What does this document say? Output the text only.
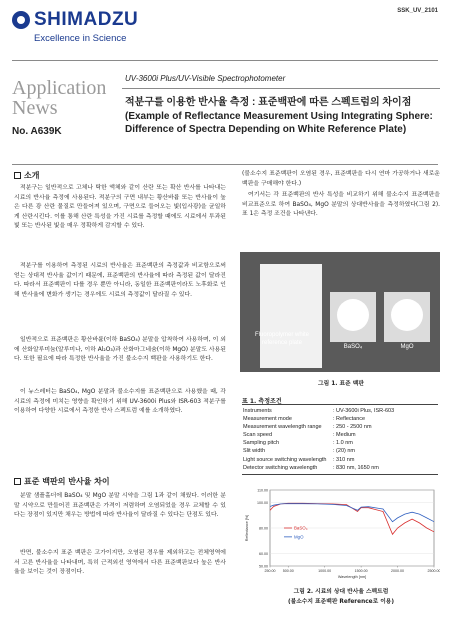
SHIMADZU
Excellence in Science
SSK_UV_2101
Application News
No. A639K
UV-3600i Plus/UV-Visible Spectrophotometer
적분구를 이용한 반사율 측정 : 표준백판에 따른 스펙트럼의 차이점 (Example of Reflectance Measurement Using Integrating Sphere: Difference of Spectra Depending on White Reference Plate)
소개
적분구는 일반적으로 고체나 탁한 액체와 같이 산란 또는 확산 반사를 나타내는 시료의 반사율 측정에 사용된다. 적분구의 구면 내부는 황산바륨 또는 반사율이 높은 다른 광 산란 물질로 만들어져 있으며, 구면으로 들어오는 빛(입사광)을 균일하게 산란시킨다. 이를 통해 산란 특성을 가진 시료를 측정할 때에도 시료에서 투과된 빛 또는 반사된 빛을 매우 정확하게 감지할 수 있다.
적분구를 이용하여 측정된 시료의 반사율은 표준백판의 측정값과 비교함으로써 얻는 상대적 반사율 값이기 때문에, 표준백판의 반사율에 따라 측정된 값이 달라진다. 따라서 표준백판이 다를 경우 뿐만 아니라, 동일한 표준백판이라도 노후화로 인해 반사율에 변화가 생기는 경우에도 시료의 측정값이 달라질 수 있다.
일반적으로 표준백판은 황산바륨(이하 BaSO₄) 분말을 압착하여 사용하며, 이 외에 산화알루미늄(알루미나, 이하 Al₂O₃)과 산화마그네슘(이하 MgO) 분말도 사용된다. 또한 필요에 따라 특정한 반사율을 가진 불소수지 백판을 사용하기도 한다.
이 뉴스레터는 BaSO₄, MgO 분말과 불소수지를 표준백판으로 사용했을 때, 각 시료의 측정에 미치는 영향을 확인하기 위해 UV-3600i Plus와 ISR-603 적분구를 이용하여 다양한 시료에서 측정한 반사 스펙트럼 예를 소개하였다.
표준 백판의 반사율 차이
분말 샘플홀더에 BaSO₄ 및 MgO 분말 시약을 그림 1과 같이 채웠다. 이러한 분말 시약으로 만들어진 표준백판은 가격이 저렴하며 오염되었을 경우 교체할 수 있다는 장점이 있지만 채우는 방법에 따라 반사율이 달라질 수 있다는 단점도 있다.
반면, 불소수지 표준 백판은 고가이지만, 오염된 경우를 제외하고는 전체영역에서 고른 반사율을 나타내며, 특히 근적외선 영역에서 다른 표준백판보다 높은 반사율을 보이는 것이 장점이다.
(불소수지 표준백판이 오염된 경우, 표준백판을 다시 연마 가공하거나 새로운 백판을 구매해야 한다.)
여기서는 각 표준백판의 반사 특성을 비교하기 위해 불소수지 표준백판을 비교표준으로 하여 BaSO₄, MgO 분말의 상대반사율을 측정하였다(그림 2). 표 1은 측정 조건을 나타낸다.
Fluoropolymer white reference plate
BaSO₄	MgO
그림 1. 표준 백판
표 1. 측정조건
Instruments	: UV-3600i Plus, ISR-603
Measurement mode	: Reflectance
Measurement wavelength range : 250 - 2500 nm
Scan speed	: Medium
Sampling pitch	: 1.0 nm
Slit width	: (20) nm
Light source switching wavelength : 310 nm
Detector switching wavelength	: 830 nm, 1650 nm
110.00
100.00
80.00
60.00
50.00
250.00 500.00	1000.00	1500.00	2000.00	2500.00
Wavelength [nm]
Reflectance [%]	BaSO₄
MgO
그림 2. 시료의 상대 반사율 스펙트럼
(불소수지 표준백판 Reference로 이용)
